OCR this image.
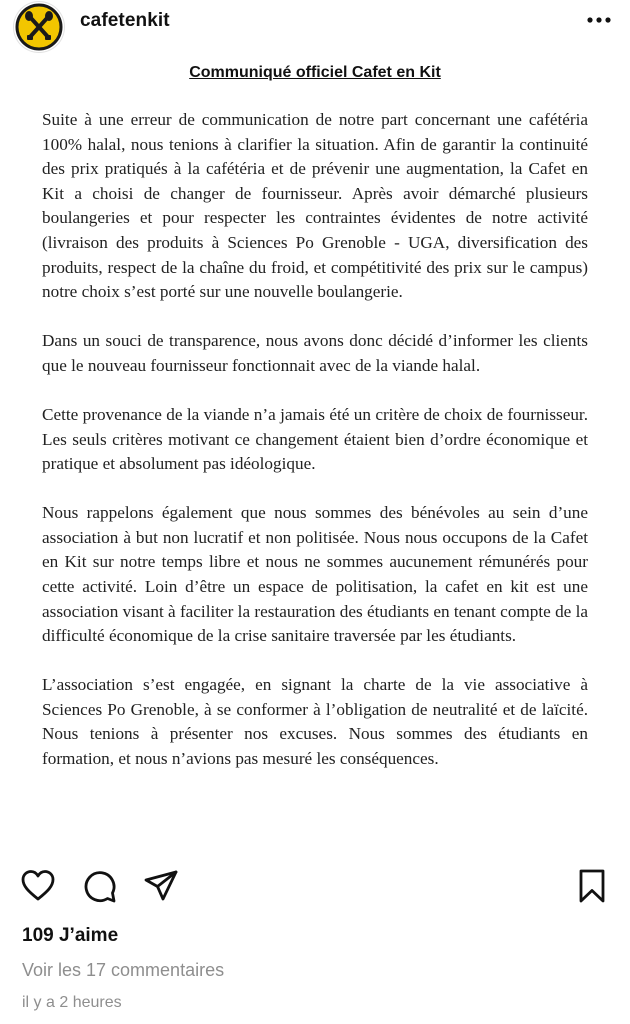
cafetenkit
Communiqué officiel Cafet en Kit

Suite à une erreur de communication de notre part concernant une cafétéria 100% halal, nous tenions à clarifier la situation. Afin de garantir la continuité des prix pratiqués à la cafétéria et de prévenir une augmentation, la Cafet en Kit a choisi de changer de fournisseur. Après avoir démarché plusieurs boulangeries et pour respecter les contraintes évidentes de notre activité (livraison des produits à Sciences Po Grenoble - UGA, diversification des produits, respect de la chaîne du froid, et compétitivité des prix sur le campus) notre choix s’est porté sur une nouvelle boulangerie.

Dans un souci de transparence, nous avons donc décidé d’informer les clients que le nouveau fournisseur fonctionnait avec de la viande halal.

Cette provenance de la viande n’a jamais été un critère de choix de fournisseur. Les seuls critères motivant ce changement étaient bien d’ordre économique et pratique et absolument pas idéologique.

Nous rappelons également que nous sommes des bénévoles au sein d’une association à but non lucratif et non politisée. Nous nous occupons de la Cafet en Kit sur notre temps libre et nous ne sommes aucunement rémunérés pour cette activité. Loin d’être un espace de politisation, la cafet en kit est une association visant à faciliter la restauration des étudiants en tenant compte de la difficulté économique de la crise sanitaire traversée par les étudiants.

L’association s’est engagée, en signant la charte de la vie associative à Sciences Po Grenoble, à se conformer à l’obligation de neutralité et de laïcité. Nous tenions à présenter nos excuses. Nous sommes des étudiants en formation, et nous n’avions pas mesuré les conséquences.

109 J’aime
Voir les 17 commentaires
il y a 2 heures
